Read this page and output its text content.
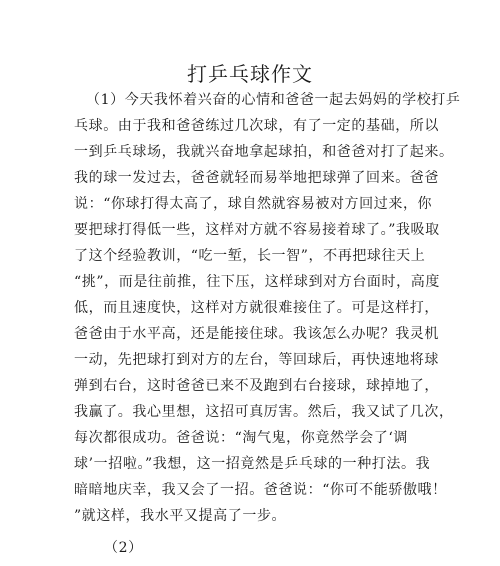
打乒乓球作文
（1）今天我怀着兴奋的心情和爸爸一起去妈妈的学校打乒
乓球。由于我和爸爸练过几次球，有了一定的基础，所以
一到乒乓球场，我就兴奋地拿起球拍，和爸爸对打了起来。
我的球一发过去，爸爸就轻而易举地把球弹了回来。爸爸
说：“你球打得太高了，球自然就容易被对方回过来，你
要把球打得低一些，这样对方就不容易接着球了。”我吸取
了这个经验教训，“吃一堑，长一智”，不再把球往天上
“挑”，而是往前推，往下压，这样球到对方台面时，高度
低，而且速度快，这样对方就很难接住了。可是这样打，
爸爸由于水平高，还是能接住球。我该怎么办呢？我灵机
一动，先把球打到对方的左台，等回球后，再快速地将球
弹到右台，这时爸爸已来不及跑到右台接球，球掉地了，
我赢了。我心里想，这招可真厉害。然后，我又试了几次，
每次都很成功。爸爸说：“淘气鬼，你竟然学会了‘调
球’一招啦。”我想，这一招竟然是乒乓球的一种打法。我
暗暗地庆幸，我又会了一招。爸爸说：“你可不能骄傲哦！
”就这样，我水平又提高了一步。
（2）
